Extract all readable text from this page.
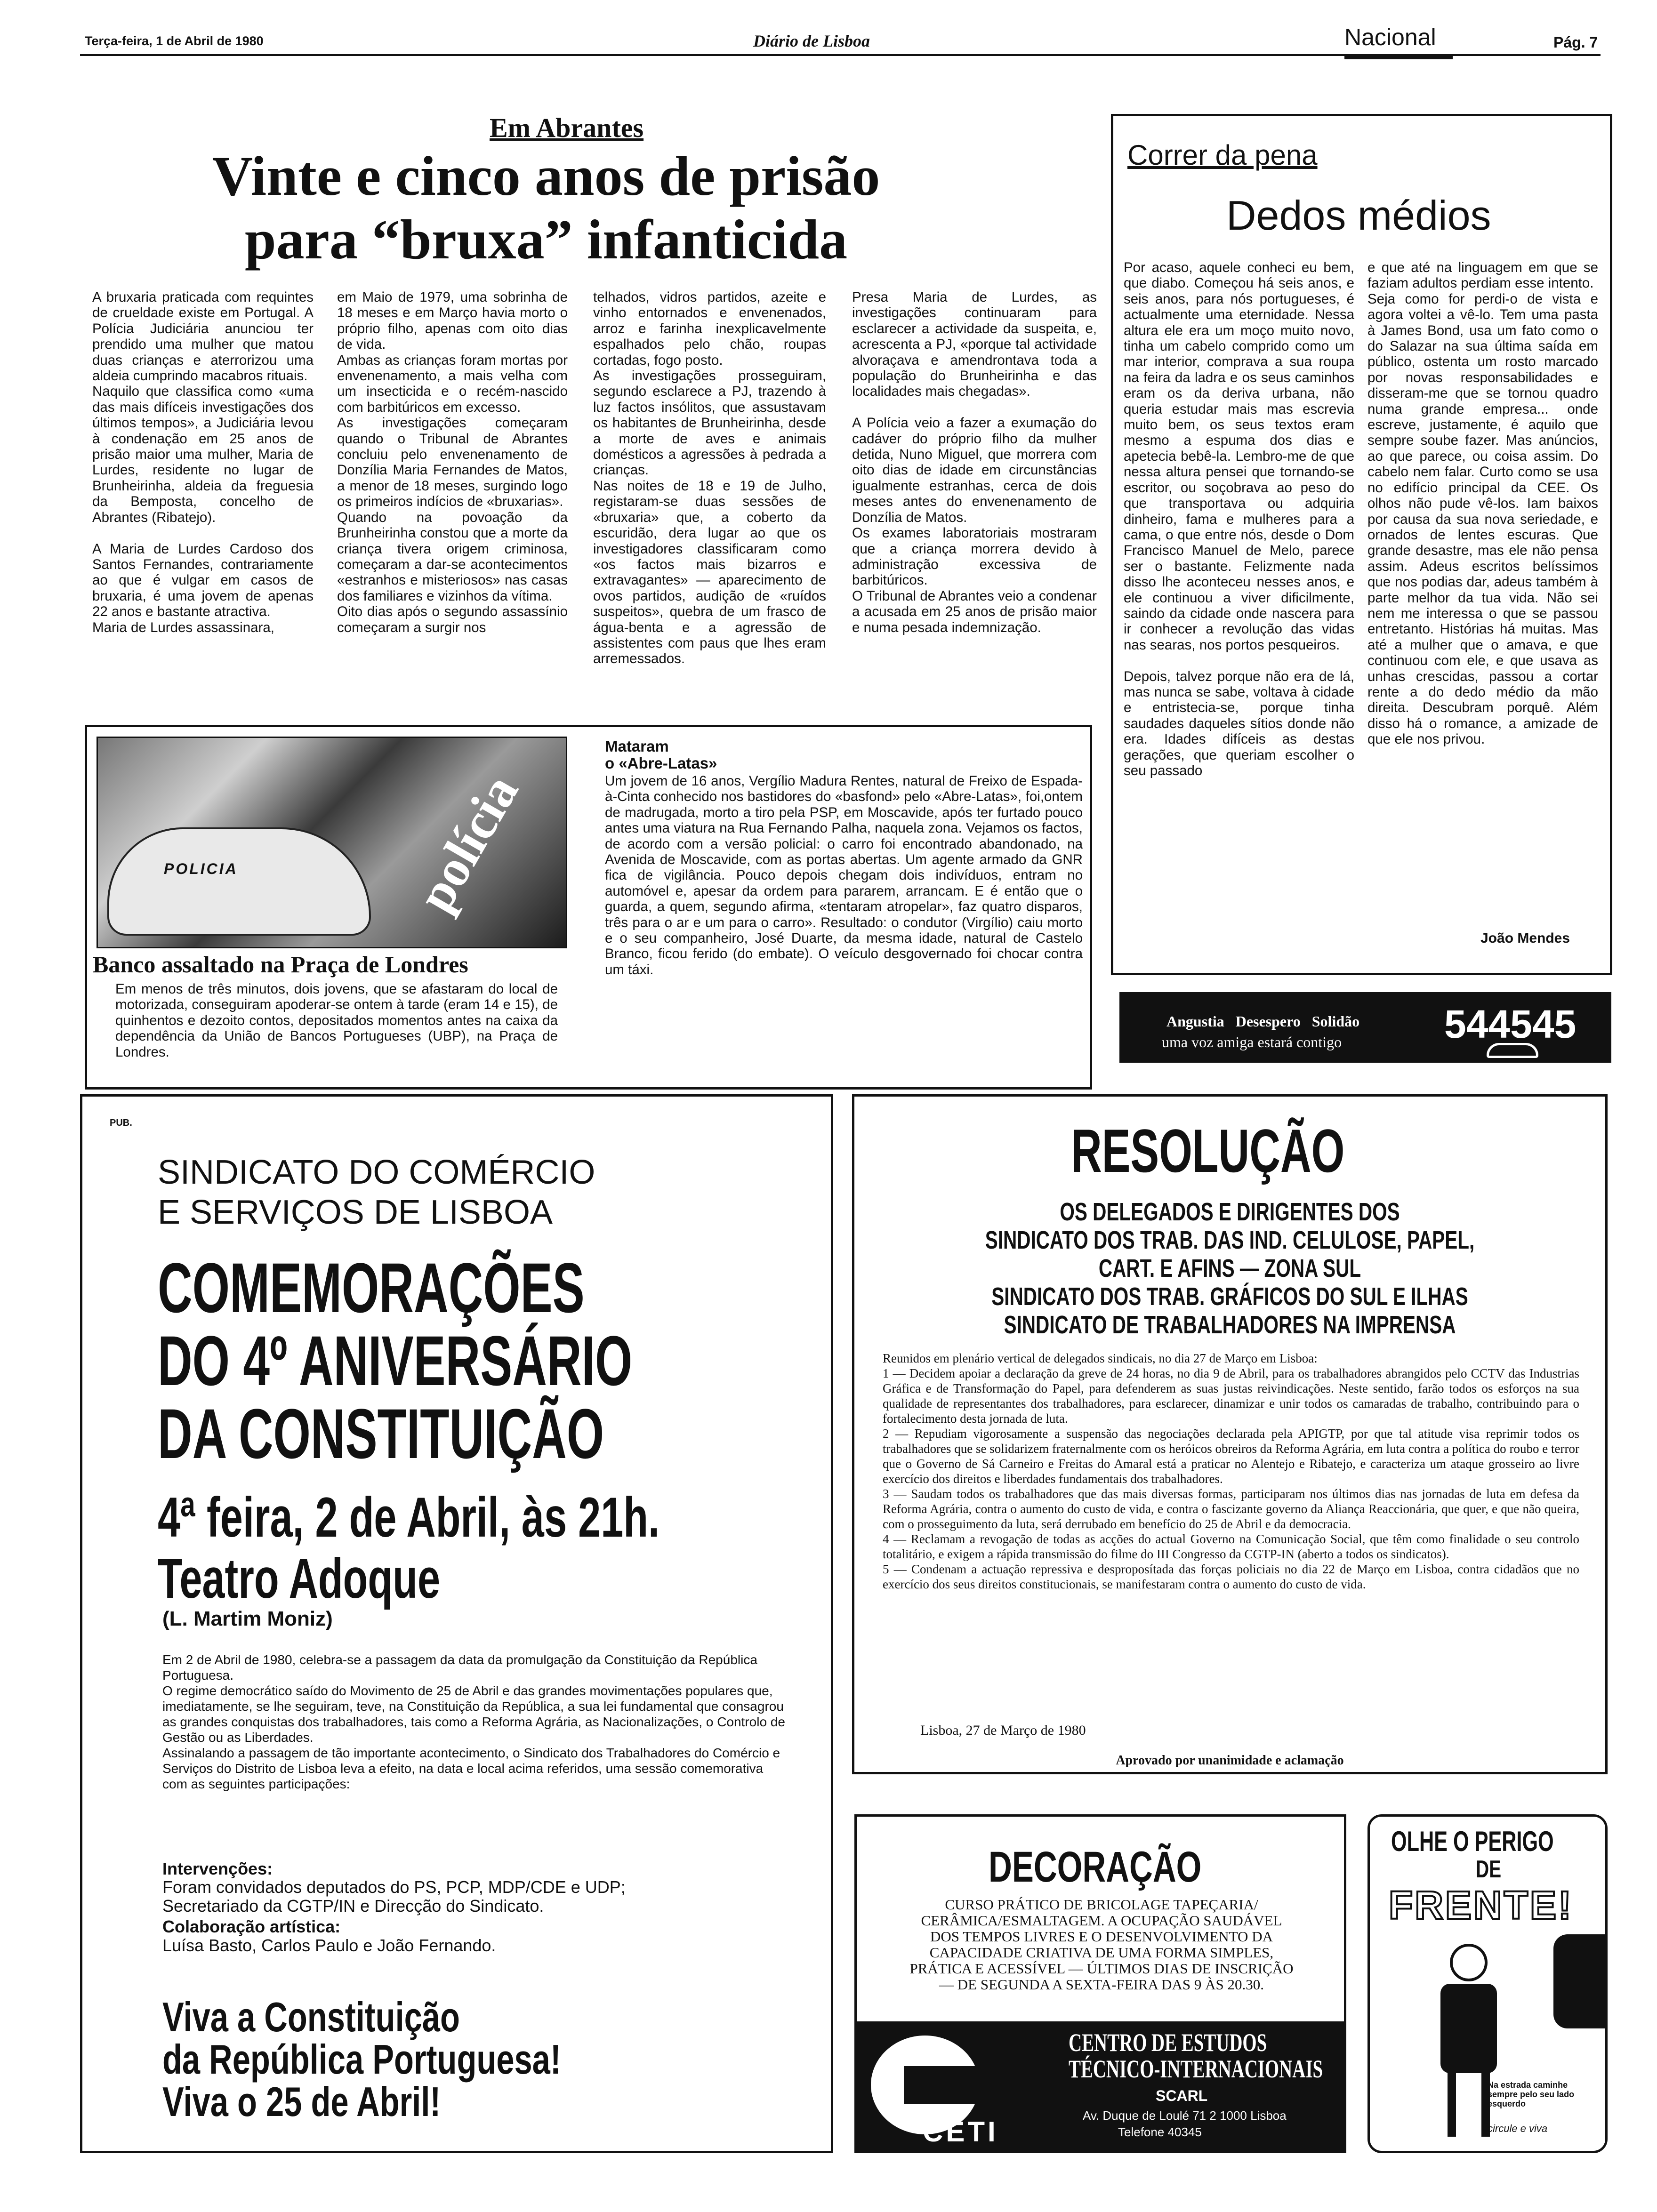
Terça-feira, 1 de Abril de 1980	Diário de Lisboa	Nacional	Pág. 7
Em Abrantes
Vinte e cinco anos de prisão
para “bruxa” infanticida
A bruxaria praticada com requintes de crueldade existe em Portugal. A Polícia Judiciária anunciou ter prendido uma mulher que matou duas crianças e aterrorizou uma aldeia cumprindo macabros rituais.
Naquilo que classifica como «uma das mais difíceis investigações dos últimos tempos», a Judiciária levou à condenação em 25 anos de prisão maior uma mulher, Maria de Lurdes, residente no lugar de Brunheirinha, aldeia da freguesia da Bemposta, concelho de Abrantes (Ribatejo).

A Maria de Lurdes Cardoso dos Santos Fernandes, contrariamente ao que é vulgar em casos de bruxaria, é uma jovem de apenas 22 anos e bastante atractiva.
Maria de Lurdes assassinara,
em Maio de 1979, uma sobrinha de 18 meses e em Março havia morto o próprio filho, apenas com oito dias de vida.
Ambas as crianças foram mortas por envenenamento, a mais velha com um insecticida e o recém-nascido com barbitúricos em excesso.
As investigações começaram quando o Tribunal de Abrantes concluiu pelo envenenamento de Donzília Maria Fernandes de Matos, a menor de 18 meses, surgindo logo os primeiros indícios de «bruxarias».
Quando na povoação da Brunheirinha constou que a morte da criança tivera origem criminosa, começaram a dar-se acontecimentos «estranhos e misteriosos» nas casas dos familiares e vizinhos da vítima.
Oito dias após o segundo assassínio começaram a surgir nos
telhados, vidros partidos, azeite e vinho entornados e envenenados, arroz e farinha inexplicavelmente espalhados pelo chão, roupas cortadas, fogo posto.
As investigações prosseguiram, segundo esclarece a PJ, trazendo à luz factos insólitos, que assustavam os habitantes de Brunheirinha, desde a morte de aves e animais domésticos a agressões à pedrada a crianças.
Nas noites de 18 e 19 de Julho, registaram-se duas sessões de «bruxaria» que, a coberto da escuridão, dera lugar ao que os investigadores classificaram como «os factos mais bizarros e extravagantes» — aparecimento de ovos partidos, audição de «ruídos suspeitos», quebra de um frasco de água-benta e a agressão de assistentes com paus que lhes eram arremessados.
Presa Maria de Lurdes, as investigações continuaram para esclarecer a actividade da suspeita, e, acrescenta a PJ, «porque tal actividade alvoraçava e amendrontava toda a população do Brunheirinha e das localidades mais chegadas».

A Polícia veio a fazer a exumação do cadáver do próprio filho da mulher detida, Nuno Miguel, que morrera com oito dias de idade em circunstâncias igualmente estranhas, cerca de dois meses antes do envenenamento de Donzília de Matos.
Os exames laboratoriais mostraram que a criança morrera devido à administração excessiva de barbitúricos.
O Tribunal de Abrantes veio a condenar a acusada em 25 anos de prisão maior e numa pesada indemnização.
POLICIA	polícia
Banco assaltado na Praça de Londres
Em menos de três minutos, dois jovens, que se afastaram do local de motorizada, conseguiram apoderar-se ontem à tarde (eram 14 e 15), de quinhentos e dezoito contos, depositados momentos antes na caixa da dependência da União de Bancos Portugueses (UBP), na Praça de Londres.
Mataram
o «Abre-Latas»
Um jovem de 16 anos, Vergílio Madura Rentes, natural de Freixo de Espada-à-Cinta conhecido nos bastidores do «basfond» pelo «Abre-Latas», foi,ontem de madrugada, morto a tiro pela PSP, em Moscavide, após ter furtado pouco antes uma viatura na Rua Fernando Palha, naquela zona. Vejamos os factos, de acordo com a versão policial: o carro foi encontrado abandonado, na Avenida de Moscavide, com as portas abertas. Um agente armado da GNR fica de vigilância. Pouco depois chegam dois indivíduos, entram no automóvel e, apesar da ordem para pararem, arrancam. E é então que o guarda, a quem, segundo afirma, «tentaram atropelar», faz quatro disparos, três para o ar e um para o carro». Resultado: o condutor (Virgílio) caiu morto e o seu companheiro, José Duarte, da mesma idade, natural de Castelo Branco, ficou ferido (do embate). O veículo desgovernado foi chocar contra um táxi.
Correr da pena
Dedos médios
Por acaso, aquele conheci eu bem, que diabo. Começou há seis anos, e seis anos, para nós portugueses, é actualmente uma eternidade. Nessa altura ele era um moço muito novo, tinha um cabelo comprido como um mar interior, comprava a sua roupa na feira da ladra e os seus caminhos eram os da deriva urbana, não queria estudar mais mas escrevia muito bem, os seus textos eram mesmo a espuma dos dias e apetecia bebê-la. Lembro-me de que nessa altura pensei que tornando-se escritor, ou soçobrava ao peso do que transportava ou adquiria dinheiro, fama e mulheres para a cama, o que entre nós, desde o Dom Francisco Manuel de Melo, parece ser o bastante. Felizmente nada disso lhe aconteceu nesses anos, e ele continuou a viver dificilmente, saindo da cidade onde nascera para ir conhecer a revolução das vidas nas searas, nos portos pesqueiros.

Depois, talvez porque não era de lá, mas nunca se sabe, voltava à cidade e entristecia-se, porque tinha saudades daqueles sítios donde não era. Idades difíceis as destas gerações, que queriam escolher o seu passado
e que até na linguagem em que se faziam adultos perdiam esse intento.
Seja como for perdi-o de vista e agora voltei a vê-lo. Tem uma pasta à James Bond, usa um fato como o do Salazar na sua última saída em público, ostenta um rosto marcado por novas responsabilidades e disseram-me que se tornou quadro numa grande empresa... onde escreve, justamente, é aquilo que sempre soube fazer. Mas anúncios, ao que parece, ou coisa assim. Do cabelo nem falar. Curto como se usa no edifício principal da CEE. Os olhos não pude vê-los. Iam baixos por causa da sua nova seriedade, e ornados de lentes escuras. Que grande desastre, mas ele não pensa assim. Adeus escritos belíssimos que nos podias dar, adeus também à parte melhor da tua vida. Não sei nem me interessa o que se passou entretanto. Histórias há muitas. Mas até a mulher que o amava, e que continuou com ele, e que usava as unhas crescidas, passou a cortar rente a do dedo médio da mão direita. Descubram porquê. Além disso há o romance, a amizade de que ele nos privou.
João Mendes
Angustia   Desespero   Solidão
uma voz amiga estará contigo	544545
PUB.
SINDICATO DO COMÉRCIO
E SERVIÇOS DE LISBOA
COMEMORAÇÕES
DO 4º ANIVERSÁRIO
DA CONSTITUIÇÃO
4ª feira, 2 de Abril, às 21h.
Teatro Adoque
(L. Martim Moniz)
Em 2 de Abril de 1980, celebra-se a passagem da data da promulgação da Constituição da República Portuguesa.
O regime democrático saído do Movimento de 25 de Abril e das grandes movimentações populares que, imediatamente, se lhe seguiram, teve, na Constituição da República, a sua lei fundamental que consagrou as grandes conquistas dos trabalhadores, tais como a Reforma Agrária, as Nacionalizações, o Controlo de Gestão ou as Liberdades.
Assinalando a passagem de tão importante acontecimento, o Sindicato dos Trabalhadores do Comércio e Serviços do Distrito de Lisboa leva a efeito, na data e local acima referidos, uma sessão comemorativa com as seguintes participações:
Intervenções:
Foram convidados deputados do PS, PCP, MDP/CDE e UDP;
Secretariado da CGTP/IN e Direcção do Sindicato.
Colaboração artística:
Luísa Basto, Carlos Paulo e João Fernando.
Viva a Constituição
da República Portuguesa!
Viva o 25 de Abril!
RESOLUÇÃO
OS DELEGADOS E DIRIGENTES DOS
SINDICATO DOS TRAB. DAS IND. CELULOSE, PAPEL,
CART. E AFINS — ZONA SUL
SINDICATO DOS TRAB. GRÁFICOS DO SUL E ILHAS
SINDICATO DE TRABALHADORES NA IMPRENSA
Reunidos em plenário vertical de delegados sindicais, no dia 27 de Março em Lisboa:
1 — Decidem apoiar a declaração da greve de 24 horas, no dia 9 de Abril, para os trabalhadores abrangidos pelo CCTV das Industrias Gráfica e de Transformação do Papel, para defenderem as suas justas reivindicações. Neste sentido, farão todos os esforços na sua qualidade de representantes dos trabalhadores, para esclarecer, dinamizar e unir todos os camaradas de trabalho, contribuindo para o fortalecimento desta jornada de luta.
2 — Repudiam vigorosamente a suspensão das negociações declarada pela APIGTP, por que tal atitude visa reprimir todos os trabalhadores que se solidarizem fraternalmente com os heróicos obreiros da Reforma Agrária, em luta contra a política do roubo e terror que o Governo de Sá Carneiro e Freitas do Amaral está a praticar no Alentejo e Ribatejo, e caracteriza um ataque grosseiro ao livre exercício dos direitos e liberdades fundamentais dos trabalhadores.
3 — Saudam todos os trabalhadores que das mais diversas formas, participaram nos últimos dias nas jornadas de luta em defesa da Reforma Agrária, contra o aumento do custo de vida, e contra o fascizante governo da Aliança Reaccionária, que quer, e que não queira, com o prosseguimento da luta, será derrubado em benefício do 25 de Abril e da democracia.
4 — Reclamam a revogação de todas as acções do actual Governo na Comunicação Social, que têm como finalidade o seu controlo totalitário, e exigem a rápida transmissão do filme do III Congresso da CGTP-IN (aberto a todos os sindicatos).
5 — Condenam a actuação repressiva e desproposítada das forças policiais no dia 22 de Março em Lisboa, contra cidadãos que no exercício dos seus direitos constitucionais, se manifestaram contra o aumento do custo de vida.
Lisboa, 27 de Março de 1980
Aprovado por unanimidade e aclamação
DECORAÇÃO
CURSO PRÁTICO DE BRICOLAGE TAPEÇARIA/ CERÂMICA/ESMALTAGEM. A OCUPAÇÃO SAUDÁVEL DOS TEMPOS LIVRES E O DESENVOLVIMENTO DA CAPACIDADE CRIATIVA DE UMA FORMA SIMPLES, PRÁTICA E ACESSÍVEL — ÚLTIMOS DIAS DE INSCRIÇÃO — DE SEGUNDA A SEXTA-FEIRA DAS 9 ÀS 20.30.
CETI
CENTRO DE ESTUDOS
TÉCNICO-INTERNACIONAIS
SCARL
Av. Duque de Loulé 71 2 1000 Lisboa
Telefone 40345
OLHE O PERIGO
DE
FRENTE!
Na estrada caminhe sempre pelo seu lado esquerdo
circule e viva
